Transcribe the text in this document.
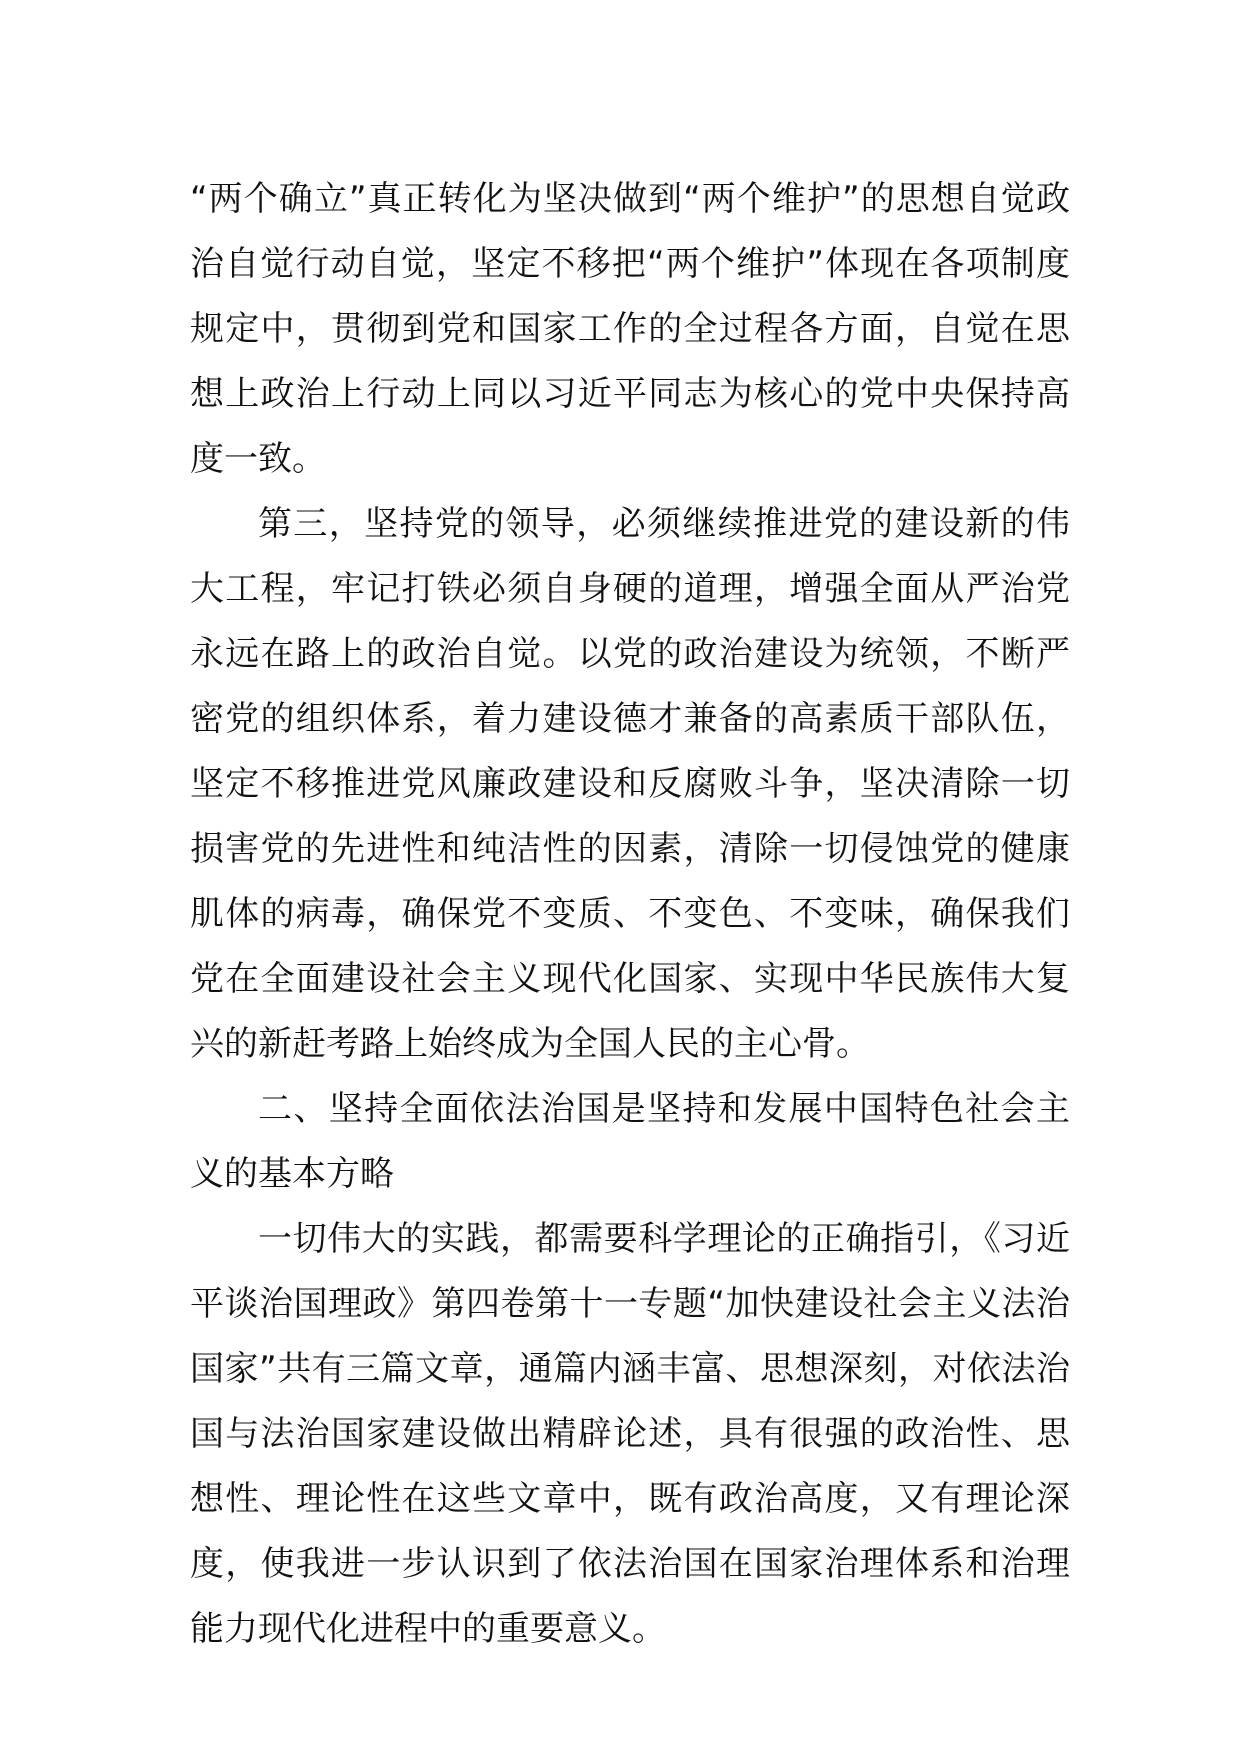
“两个确立”真正转化为坚决做到“两个维护”的思想自觉政治自觉行动自觉，坚定不移把“两个维护”体现在各项制度规定中，贯彻到党和国家工作的全过程各方面，自觉在思想上政治上行动上同以习近平同志为核心的党中央保持高度一致。

第三，坚持党的领导，必须继续推进党的建设新的伟大工程，牢记打铁必须自身硬的道理，增强全面从严治党永远在路上的政治自觉。以党的政治建设为统领，不断严密党的组织体系，着力建设德才兼备的高素质干部队伍，坚定不移推进党风廉政建设和反腐败斗争，坚决清除一切损害党的先进性和纯洁性的因素，清除一切侵蚀党的健康肌体的病毒，确保党不变质、不变色、不变味，确保我们党在全面建设社会主义现代化国家、实现中华民族伟大复兴的新赶考路上始终成为全国人民的主心骨。

二、坚持全面依法治国是坚持和发展中国特色社会主义的基本方略

一切伟大的实践，都需要科学理论的正确指引，《习近平谈治国理政》第四卷第十一专题“加快建设社会主义法治国家”共有三篇文章，通篇内涵丰富、思想深刻，对依法治国与法治国家建设做出精辟论述，具有很强的政治性、思想性、理论性在这些文章中，既有政治高度，又有理论深度，使我进一步认识到了依法治国在国家治理体系和治理能力现代化进程中的重要意义。
